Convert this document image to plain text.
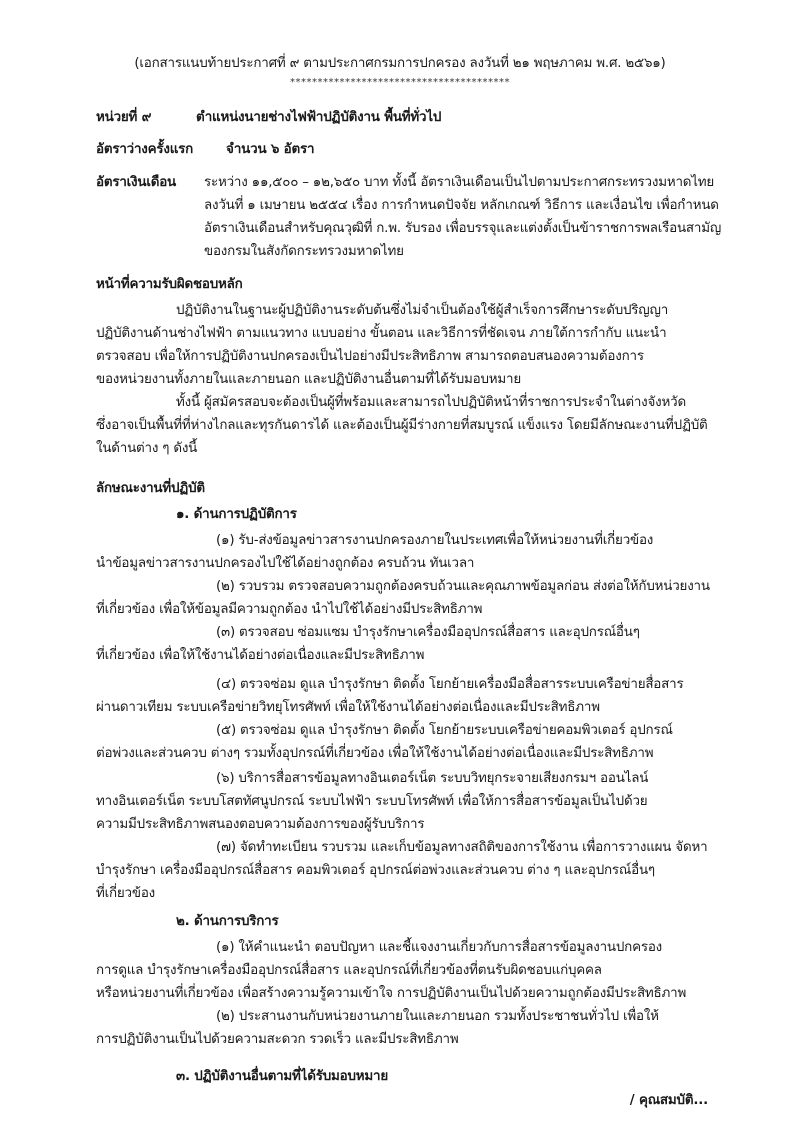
(เอกสารแนบท้ายประกาศที่ ๙ ตามประกาศกรมการปกครอง ลงวันที่ ๒๑ พฤษภาคม พ.ศ. ๒๕๖๑)
****************************************
หน่วยที่ ๙	ตำแหน่งนายช่างไฟฟ้าปฏิบัติงาน พื้นที่ทั่วไป
อัตราว่างครั้งแรก จำนวน ๖ อัตรา
อัตราเงินเดือน ระหว่าง ๑๑,๕๐๐ – ๑๒,๖๕๐ บาท ทั้งนี้ อัตราเงินเดือนเป็นไปตามประกาศกระทรวงมหาดไทย
ลงวันที่ ๑ เมษายน ๒๕๕๔ เรื่อง การกำหนดปัจจัย หลักเกณฑ์ วิธีการ และเงื่อนไข เพื่อกำหนด
อัตราเงินเดือนสำหรับคุณวุฒิที่ ก.พ. รับรอง เพื่อบรรจุและแต่งตั้งเป็นข้าราชการพลเรือนสามัญ
ของกรมในสังกัดกระทรวงมหาดไทย
หน้าที่ความรับผิดชอบหลัก
ปฏิบัติงานในฐานะผู้ปฏิบัติงานระดับต้นซึ่งไม่จำเป็นต้องใช้ผู้สำเร็จการศึกษาระดับปริญญา
ปฏิบัติงานด้านช่างไฟฟ้า ตามแนวทาง แบบอย่าง ขั้นตอน และวิธีการที่ชัดเจน ภายใต้การกำกับ แนะนำ
ตรวจสอบ เพื่อให้การปฏิบัติงานปกครองเป็นไปอย่างมีประสิทธิภาพ สามารถตอบสนองความต้องการ
ของหน่วยงานทั้งภายในและภายนอก และปฏิบัติงานอื่นตามที่ได้รับมอบหมาย
ทั้งนี้ ผู้สมัครสอบจะต้องเป็นผู้ที่พร้อมและสามารถไปปฏิบัติหน้าที่ราชการประจำในต่างจังหวัด
ซึ่งอาจเป็นพื้นที่ที่ห่างไกลและทุรกันดารได้ และต้องเป็นผู้มีร่างกายที่สมบูรณ์ แข็งแรง โดยมีลักษณะงานที่ปฏิบัติ
ในด้านต่าง ๆ ดังนี้
ลักษณะงานที่ปฏิบัติ
๑. ด้านการปฏิบัติการ
(๑) รับ-ส่งข้อมูลข่าวสารงานปกครองภายในประเทศเพื่อให้หน่วยงานที่เกี่ยวข้อง
นำข้อมูลข่าวสารงานปกครองไปใช้ได้อย่างถูกต้อง ครบถ้วน ทันเวลา
(๒) รวบรวม ตรวจสอบความถูกต้องครบถ้วนและคุณภาพข้อมูลก่อน ส่งต่อให้กับหน่วยงาน
ที่เกี่ยวข้อง เพื่อให้ข้อมูลมีความถูกต้อง นำไปใช้ได้อย่างมีประสิทธิภาพ
(๓) ตรวจสอบ ซ่อมแซม บำรุงรักษาเครื่องมืออุปกรณ์สื่อสาร และอุปกรณ์อื่นๆ
ที่เกี่ยวข้อง เพื่อให้ใช้งานได้อย่างต่อเนื่องและมีประสิทธิภาพ
(๔) ตรวจซ่อม ดูแล บำรุงรักษา ติดตั้ง โยกย้ายเครื่องมือสื่อสารระบบเครือข่ายสื่อสาร
ผ่านดาวเทียม ระบบเครือข่ายวิทยุโทรศัพท์ เพื่อให้ใช้งานได้อย่างต่อเนื่องและมีประสิทธิภาพ
(๕) ตรวจซ่อม ดูแล บำรุงรักษา ติดตั้ง โยกย้ายระบบเครือข่ายคอมพิวเตอร์ อุปกรณ์
ต่อพ่วงและส่วนควบ ต่างๆ รวมทั้งอุปกรณ์ที่เกี่ยวข้อง เพื่อให้ใช้งานได้อย่างต่อเนื่องและมีประสิทธิภาพ
(๖) บริการสื่อสารข้อมูลทางอินเตอร์เน็ต ระบบวิทยุกระจายเสียงกรมฯ ออนไลน์
ทางอินเตอร์เน็ต ระบบโสตทัศนูปกรณ์ ระบบไฟฟ้า ระบบโทรศัพท์ เพื่อให้การสื่อสารข้อมูลเป็นไปด้วย
ความมีประสิทธิภาพสนองตอบความต้องการของผู้รับบริการ
(๗) จัดทำทะเบียน รวบรวม และเก็บข้อมูลทางสถิติของการใช้งาน เพื่อการวางแผน จัดหา
บำรุงรักษา เครื่องมืออุปกรณ์สื่อสาร คอมพิวเตอร์ อุปกรณ์ต่อพ่วงและส่วนควบ ต่าง ๆ และอุปกรณ์อื่นๆ
ที่เกี่ยวข้อง
๒. ด้านการบริการ
(๑) ให้คำแนะนำ ตอบปัญหา และชี้แจงงานเกี่ยวกับการสื่อสารข้อมูลงานปกครอง
การดูแล บำรุงรักษาเครื่องมืออุปกรณ์สื่อสาร และอุปกรณ์ที่เกี่ยวข้องที่ตนรับผิดชอบแก่บุคคล
หรือหน่วยงานที่เกี่ยวข้อง เพื่อสร้างความรู้ความเข้าใจ การปฏิบัติงานเป็นไปด้วยความถูกต้องมีประสิทธิภาพ
(๒) ประสานงานกับหน่วยงานภายในและภายนอก รวมทั้งประชาชนทั่วไป เพื่อให้
การปฏิบัติงานเป็นไปด้วยความสะดวก รวดเร็ว และมีประสิทธิภาพ
๓. ปฏิบัติงานอื่นตามที่ได้รับมอบหมาย
/ คุณสมบัติ...
